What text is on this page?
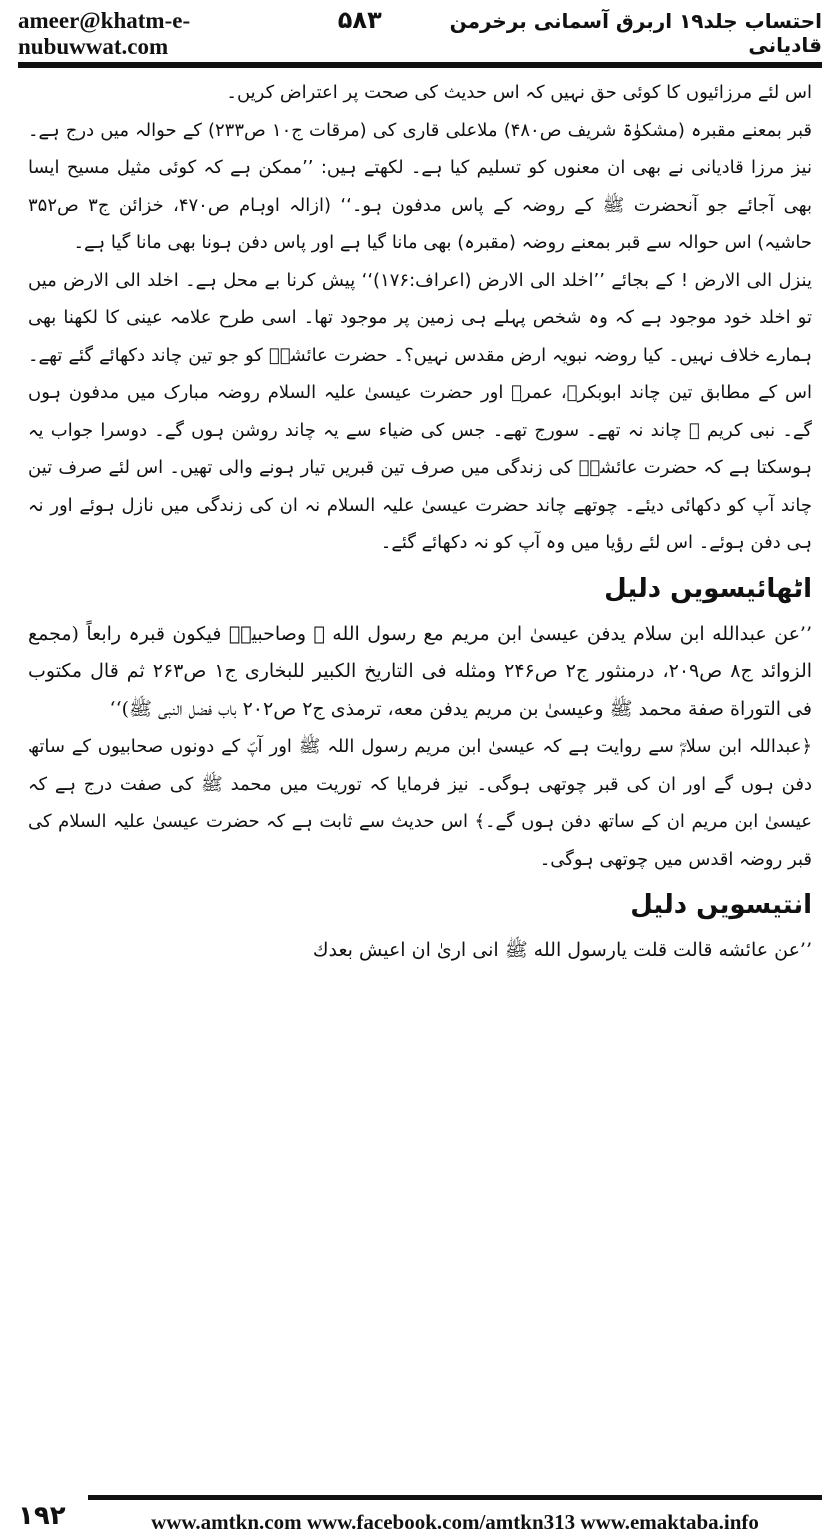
ameer@khatm-e-nubuwwat.com
۵۸۳	احتساب جلد۱۹ اربرق آسمانی برخرمن قادیانی

اس لئے مرزائیوں کا کوئی حق نہیں کہ اس حدیث کی صحت پر اعتراض کریں۔

قبر بمعنے مقبرہ (مشکوٰۃ شریف ص۴۸۰) ملاعلی قاری کی (مرقات ج۱۰ ص۲۳۳) کے حوالہ میں درج ہے۔ نیز مرزا قادیانی نے بھی ان معنوں کو تسلیم کیا ہے۔ لکھتے ہیں: ’’ممکن ہے کہ کوئی مثیل مسیح ایسا بھی آجائے جو آنحضرت ﷺ کے روضہ کے پاس مدفون ہو۔‘‘ (ازالہ اوہام ص۴۷۰، خزائن ج۳ ص۳۵۲ حاشیہ) اس حوالہ سے قبر بمعنے روضہ (مقبرہ) بھی مانا گیا ہے اور پاس دفن ہونا بھی مانا گیا ہے۔

ینزل الی الارض ! کے بجائے ’’اخلد الی الارض (اعراف:۱۷۶)‘‘ پیش کرنا بے محل ہے۔ اخلد الی الارض میں تو اخلد خود موجود ہے کہ وہ شخص پہلے ہی زمین پر موجود تھا۔ اسی طرح علامہ عینی کا لکھنا بھی ہمارے خلاف نہیں۔ کیا روضہ نبویہ ارض مقدس نہیں؟۔ حضرت عائشہؓ کو جو تین چاند دکھائے گئے تھے۔ اس کے مطابق تین چاند ابوبکرؓ، عمرؓ اور حضرت عیسیٰ علیہ السلام روضہ مبارک میں مدفون ہوں گے۔ نبی کریم ﷺ چاند نہ تھے۔ سورج تھے۔ جس کی ضیاء سے یہ چاند روشن ہوں گے۔ دوسرا جواب یہ ہوسکتا ہے کہ حضرت عائشہؓ کی زندگی میں صرف تین قبریں تیار ہونے والی تھیں۔ اس لئے صرف تین چاند آپ کو دکھائی دیئے۔ چوتھے چاند حضرت عیسیٰ علیہ السلام نہ ان کی زندگی میں نازل ہوئے اور نہ ہی دفن ہوئے۔ اس لئے رؤیا میں وہ آپ کو نہ دکھائے گئے۔

اٹھائیسویں دلیل

’’عن عبدالله ابن سلام یدفن عیسیٰ ابن مریم مع رسول الله ﷺ وصاحبیہؓ فیکون قبرہ رابعاً (مجمع الزوائد ج۸ ص۲۰۹، درمنثور ج۲ ص۲۴۶ ومثله فی التاریخ الکبیر للبخاری ج۱ ص۲۶۳ ثم قال مکتوب فی التوراة صفة محمد ﷺ وعیسیٰ بن مریم یدفن معه، ترمذی ج۲ ص۲۰۲ باب فضل النبی ﷺ)‘‘

﴿عبداللہ ابن سلامؓ سے روایت ہے کہ عیسیٰ ابن مریم رسول اللہ ﷺ اور آپؐ کے دونوں صحابیوں کے ساتھ دفن ہوں گے اور ان کی قبر چوتھی ہوگی۔ نیز فرمایا کہ توریت میں محمد ﷺ کی صفت درج ہے کہ عیسیٰ ابن مریم ان کے ساتھ دفن ہوں گے۔﴾ اس حدیث سے ثابت ہے کہ حضرت عیسیٰ علیہ السلام کی قبر روضہ اقدس میں چوتھی ہوگی۔

انتیسویں دلیل

’’عن عائشه قالت قلت یارسول الله ﷺ انی اریٰ ان اعیش بعدك

۱۹۲	www.amtkn.com www.facebook.com/amtkn313 www.emaktaba.info
